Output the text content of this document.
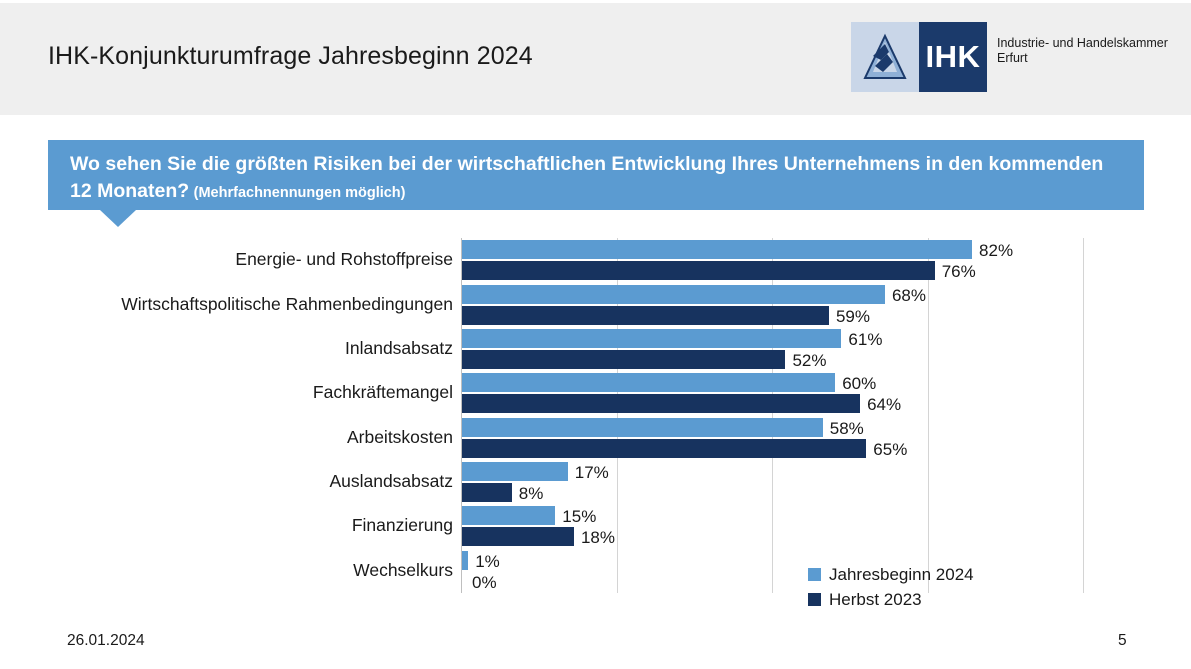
IHK-Konjunkturumfrage Jahresbeginn 2024	IHK	Industrie- und Handelskammer
Erfurt
Wo sehen Sie die größten Risiken bei der wirtschaftlichen Entwicklung Ihres Unternehmens in den kommenden 12 Monaten? (Mehrfachnennungen möglich)
82%
76%
68%
59%
61%
52%
60%
64%
58%
65%
17%
8%
15%
18%
1%
0%
Energie- und Rohstoffpreise
Wirtschaftspolitische Rahmenbedingungen
Inlandsabsatz
Fachkräftemangel
Arbeitskosten
Auslandsabsatz
Finanzierung
Wechselkurs	Jahresbeginn 2024
Herbst 2023
26.01.2024	5
